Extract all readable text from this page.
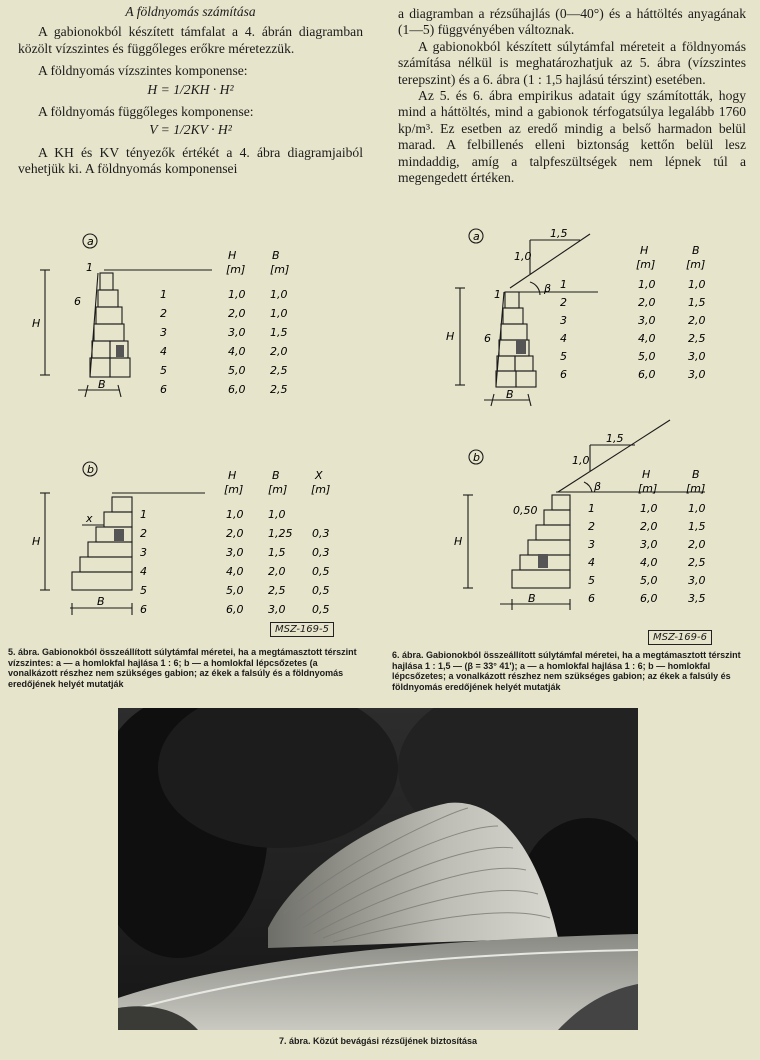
A földnyomás számítása

A gabionokból készített támfalat a 4. ábrán diagramban közölt vízszintes és függőleges erőkre méretezzük.

A földnyomás vízszintes komponense:

H = 1/2KH · H²

A földnyomás függőleges komponense:

V = 1/2KV · H²

A KH és KV tényezők értékét a 4. ábra diagramjaiból vehetjük ki. A földnyomás komponensei

a diagramban a rézsűhajlás (0—40°) és a háttöltés anyagának (1—5) függvényében változnak.

A gabionokból készített súlytámfal méreteit a földnyomás számítása nélkül is meghatározhatjuk az 5. ábra (vízszintes terepszint) és a 6. ábra (1 : 1,5 hajlású térszint) esetében.

Az 5. és 6. ábra empirikus adatait úgy számították, hogy mind a háttöltés, mind a gabionok térfogatsúlya legalább 1760 kp/m³. Ez esetben az eredő mindig a belső harmadon belül marad. A felbillenés elleni biztonság kettőn belül lesz mindaddig, amíg a talpfeszültségek nem lépnek túl a megengedett értéken.

a
H
6
1
B
b
H
x
B
H
[m]
B
[m]
1	1,0 1,0
2	2,0 1,0
3	3,0 1,5
4	4,0 2,0
5	5,0 2,5
6	6,0 2,5
H
[m]
B
[m]
X
[m]
1	1,0 1,0
2	2,0 1,25 0,3
3	3,0 1,5 0,3
4	4,0 2,0 0,5
5	5,0 2,5 0,5
6	6,0 3,0 0,5
MSZ-169-5
a	1,5
1,0
β
H	6
1
B
b
1,5
1,0
β
H
0,50
B
H
[m]
B
[m]
1	1,0	1,0
2	2,0	1,5
3	3,0	2,0
4	4,0	2,5
5	5,0	3,0
6	6,0	3,0
H
[m]
B
[m]
1	1,0	1,0
2	2,0	1,5
3	3,0	2,0
4	4,0	2,5
5	5,0	3,0
6	6,0	3,5
MSZ-169-6
5. ábra. Gabionokból összeállított súlytámfal méretei, ha a megtámasztott térszint vízszintes: a — a homlokfal hajlása 1 : 6; b — a homlokfal lépcsőzetes (a vonalkázott részhez nem szükséges gabion; az ékek a falsúly és a földnyomás eredőjének helyét mutatják
6. ábra. Gabionokból összeállított súlytámfal méretei, ha a megtámasztott térszint hajlása 1 : 1,5 — (β = 33° 41'); a — a homlokfal hajlása 1 : 6; b — homlokfal lépcsőzetes; a vonalkázott részhez nem szükséges gabion; az ékek a falsúly és földnyomás eredőjének helyét mutatják
7. ábra. Közút bevágási rézsűjének biztosítása
